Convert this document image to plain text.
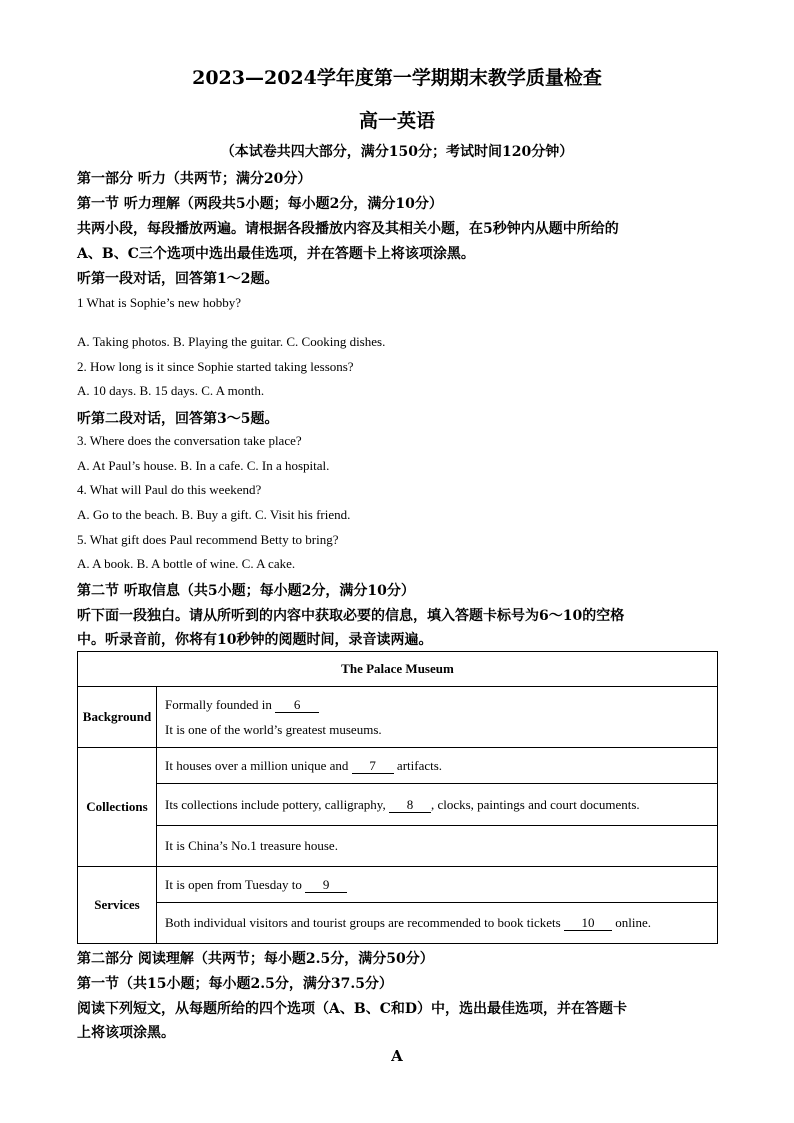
2023—2024学年度第一学期期末教学质量检查
高一英语
（本试卷共四大部分，满分150分；考试时间120分钟）
第一部分 听力（共两节；满分20分）
第一节 听力理解（两段共5小题；每小题2分，满分10分）
共两小段，每段播放两遍。请根据各段播放内容及其相关小题，在5秒钟内从题中所给的
A、B、C三个选项中选出最佳选项，并在答题卡上将该项涂黑。
听第一段对话，回答第1～2题。
1 What is Sophie’s new hobby?
A. Taking photos. B. Playing the guitar. C. Cooking dishes.
2. How long is it since Sophie started taking lessons?
A. 10 days. B. 15 days. C. A month.
听第二段对话，回答第3～5题。
3. Where does the conversation take place?
A. At Paul’s house. B. In a cafe. C. In a hospital.
4. What will Paul do this weekend?
A. Go to the beach. B. Buy a gift. C. Visit his friend.
5. What gift does Paul recommend Betty to bring?
A. A book. B. A bottle of wine. C. A cake.
第二节 听取信息（共5小题；每小题2分，满分10分）
听下面一段独白。请从所听到的内容中获取必要的信息，填入答题卡标号为6～10的空格
中。听录音前，你将有10秒钟的阅题时间，录音读两遍。
The Palace Museum	
Background	Formally founded in 6
It is one of the world’s greatest museums.

Collections	It houses over a million unique and 7 artifacts.
	Its collections include pottery, calligraphy, 8 , clocks, paintings and court documents.
	It is China’s No.1 treasure house.
Services	It is open from Tuesday to 9
	Both individual visitors and tourist groups are recommended to book tickets 10 online.
第二部分 阅读理解（共两节；每小题2.5分，满分50分）
第一节（共15小题；每小题2.5分，满分37.5分）
阅读下列短文，从每题所给的四个选项（A、B、C和D）中，选出最佳选项，并在答题卡
上将该项涂黑。
A
